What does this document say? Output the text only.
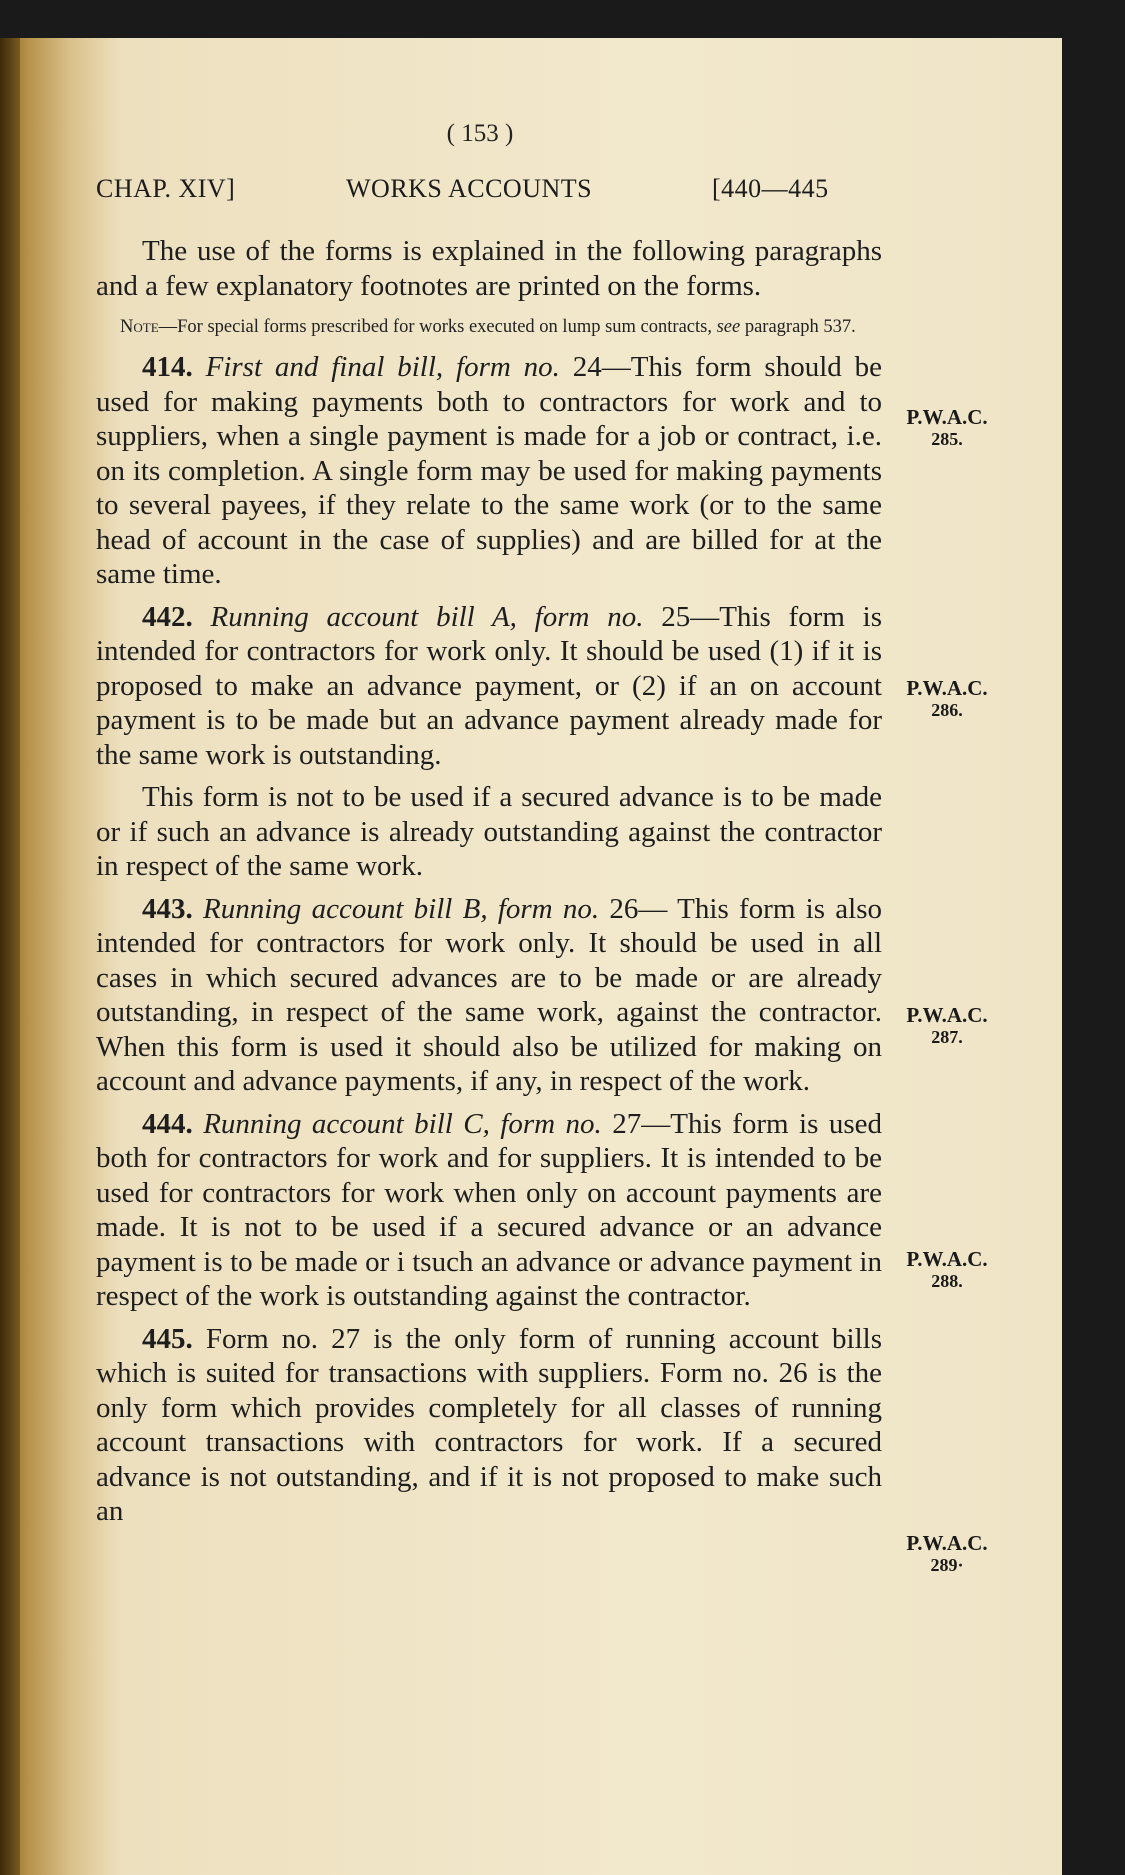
( 153 )
CHAP. XIV]	WORKS ACCOUNTS	[440—445

The use of the forms is explained in the following paragraphs and a few explanatory footnotes are printed on the forms.

Note—For special forms prescribed for works executed on lump sum contracts, see paragraph 537.

414. First and final bill, form no. 24—This form should be used for making payments both to contractors for work and to suppliers, when a single payment is made for a job or contract, i.e. on its completion. A single form may be used for making payments to several payees, if they relate to the same work (or to the same head of account in the case of supplies) and are billed for at the same time.

442. Running account bill A, form no. 25—This form is intended for contractors for work only. It should be used (1) if it is proposed to make an advance payment, or (2) if an on account payment is to be made but an advance payment already made for the same work is outstanding.

This form is not to be used if a secured advance is to be made or if such an advance is already outstanding against the contractor in respect of the same work.

443. Running account bill B, form no. 26— This form is also intended for contractors for work only. It should be used in all cases in which secured advances are to be made or are already outstanding, in respect of the same work, against the contractor. When this form is used it should also be utilized for making on account and advance payments, if any, in respect of the work.

444. Running account bill C, form no. 27—This form is used both for contractors for work and for suppliers. It is intended to be used for contractors for work when only on account payments are made. It is not to be used if a secured advance or an advance payment is to be made or i tsuch an advance or advance payment in respect of the work is outstanding against the contractor.

445. Form no. 27 is the only form of running account bills which is suited for transactions with suppliers. Form no. 26 is the only form which provides completely for all classes of running account transactions with contractors for work. If a secured advance is not outstanding, and if it is not proposed to make such an

P.W.A.C.
285.
P.W.A.C.
286.
P.W.A.C.
287.
P.W.A.C.
288.
P.W.A.C.
289·
